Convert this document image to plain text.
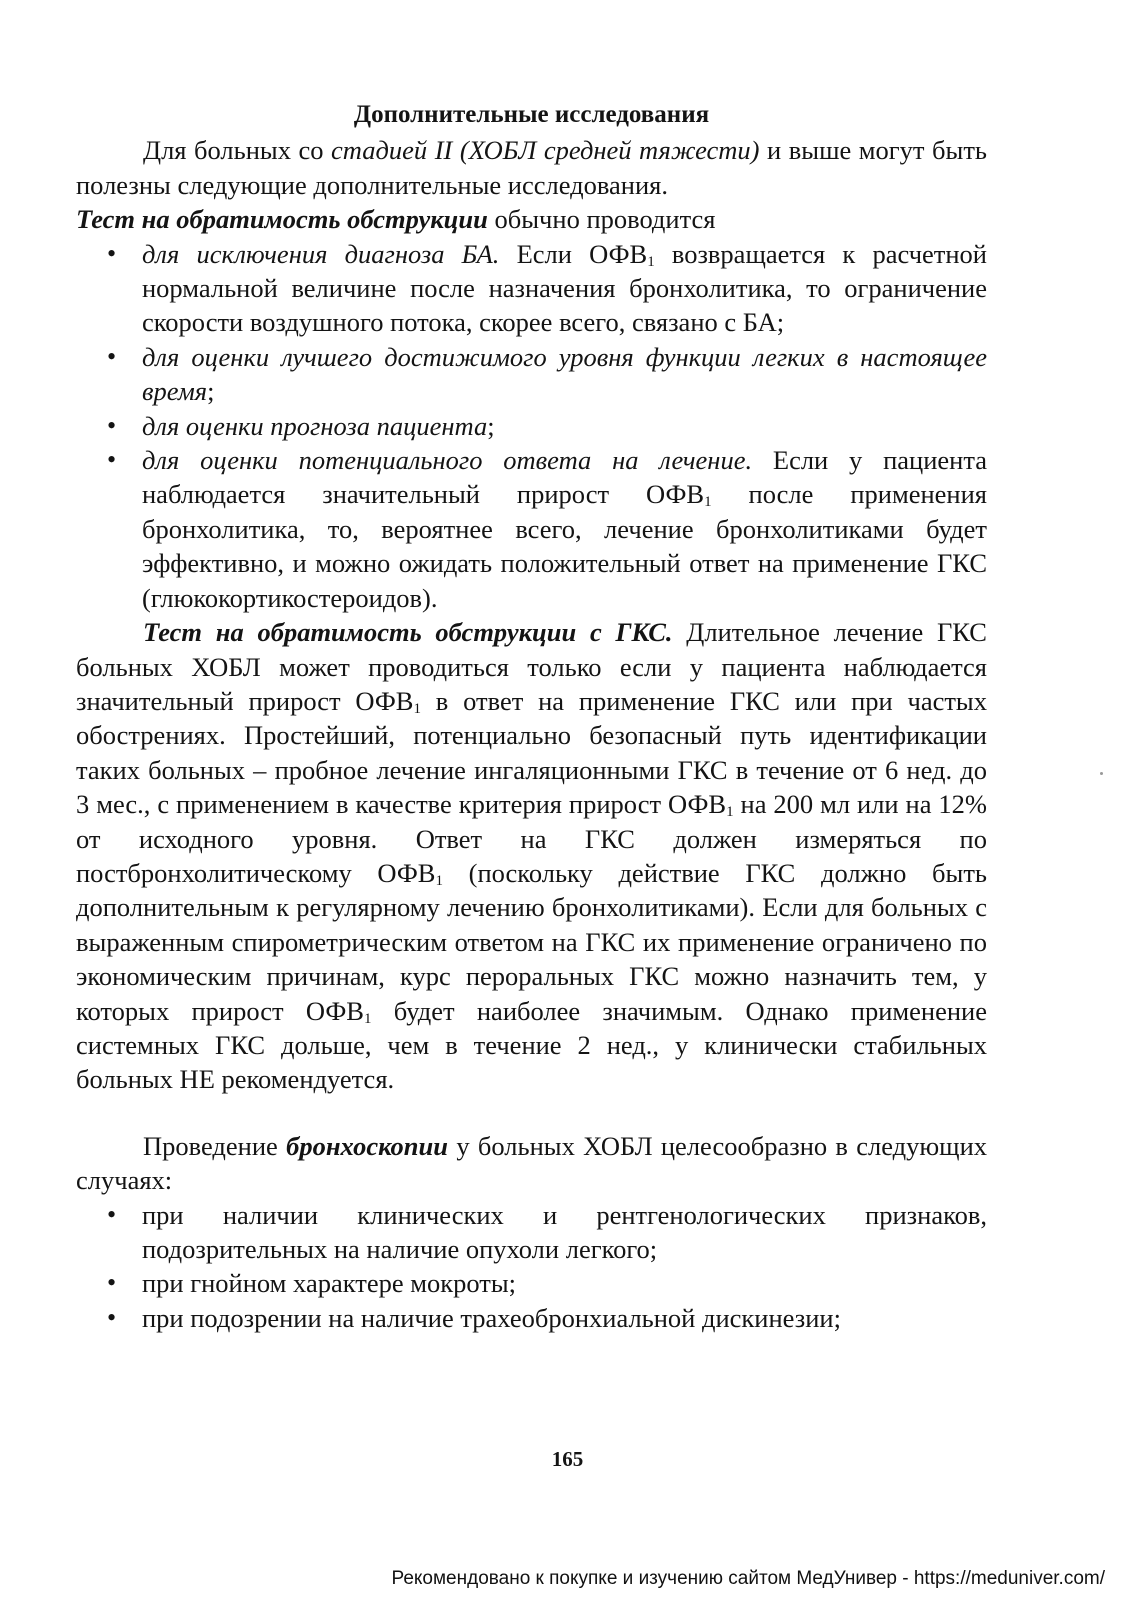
Дополнительные исследования

Для больных со стадией II (ХОБЛ средней тяжести) и выше могут быть полезны следующие дополнительные исследования.

Тест на обратимость обструкции обычно проводится

• для исключения диагноза БА. Если $ОФВ_1$ возвращается к расчетной нормальной величине после назначения бронхолитика, то ограничение скорости воздушного потока, скорее всего, связано с БА;
• для оценки лучшего достижимого уровня функции легких в настоящее время;
• для оценки прогноза пациента;
• для оценки потенциального ответа на лечение. Если у пациента наблюдается значительный прирост $ОФВ_1$ после применения бронхолитика, то, вероятнее всего, лечение бронхолитиками будет эффективно, и можно ожидать положительный ответ на применение ГКС (глюкокортикостероидов).

Тест на обратимость обструкции с ГКС. Длительное лечение ГКС больных ХОБЛ может проводиться только если у пациента наблюдается значительный прирост $ОФВ_1$ в ответ на применение ГКС или при частых обострениях. Простейший, потенциально безопасный путь идентификации таких больных – пробное лечение ингаляционными ГКС в течение от 6 нед. до 3 мес., с применением в качестве критерия прирост $ОФВ_1$ на 200 мл или на 12% от исходного уровня. Ответ на ГКС должен измеряться по постбронхолитическому $ОФВ_1$ (поскольку действие ГКС должно быть дополнительным к регулярному лечению бронхолитиками). Если для больных с выраженным спирометрическим ответом на ГКС их применение ограничено по экономическим причинам, курс пероральных ГКС можно назначить тем, у которых прирост $ОФВ_1$ будет наиболее значимым. Однако применение системных ГКС дольше, чем в течение 2 нед., у клинически стабильных больных НЕ рекомендуется.

Проведение бронхоскопии у больных ХОБЛ целесообразно в следующих случаях:

• при наличии клинических и рентгенологических признаков, подозрительных на наличие опухоли легкого;
• при гнойном характере мокроты;
• при подозрении на наличие трахеобронхиальной дискинезии;
165
Рекомендовано к покупке и изучению сайтом МедУнивер - https://meduniver.com/
